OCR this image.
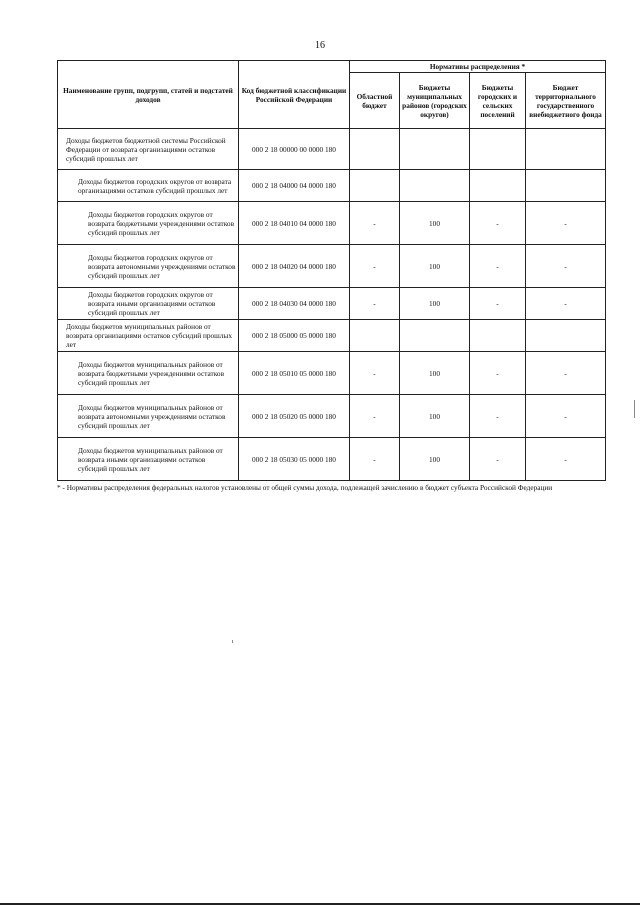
16
Наименование групп, подгрупп, статей и подстатей доходов	Код бюджетной классификации Российской Федерации	Нормативы распределения *			
		Областной бюджет	Бюджеты муниципальных районов (городских округов)	Бюджеты городских и сельских поселений	Бюджет территориального государственного внебюджетного фонда
Доходы бюджетов бюджетной системы Российской Федерации от возврата организациями остатков субсидий прошлых лет	000 2 18 00000 00 0000 180				
Доходы бюджетов городских округов от возврата организациями остатков субсидий прошлых лет	000 2 18 04000 04 0000 180				
Доходы бюджетов городских округов от возврата бюджетными учреждениями остатков субсидий прошлых лет	000 2 18 04010 04 0000 180	-	100	-	-
Доходы бюджетов городских округов от возврата автономными учреждениями остатков субсидий прошлых лет	000 2 18 04020 04 0000 180	-	100	-	-
Доходы бюджетов городских округов от возврата иными организациями остатков субсидий прошлых лет	000 2 18 04030 04 0000 180	-	100	-	-
Доходы бюджетов муниципальных районов от возврата организациями остатков субсидий прошлых лет	000 2 18 05000 05 0000 180				
Доходы бюджетов муниципальных районов от возврата бюджетными учреждениями остатков субсидий прошлых лет	000 2 18 05010 05 0000 180	-	100	-	-
Доходы бюджетов муниципальных районов от возврата автономными учреждениями остатков субсидий прошлых лет	000 2 18 05020 05 0000 180	-	100	-	-
Доходы бюджетов муниципальных районов от возврата иными организациями остатков субсидий прошлых лет	000 2 18 05030 05 0000 180	-	100	-	-
* - Нормативы распределения федеральных налогов установлены от общей суммы дохода, подлежащей зачислению в бюджет субъекта Российской Федерации
